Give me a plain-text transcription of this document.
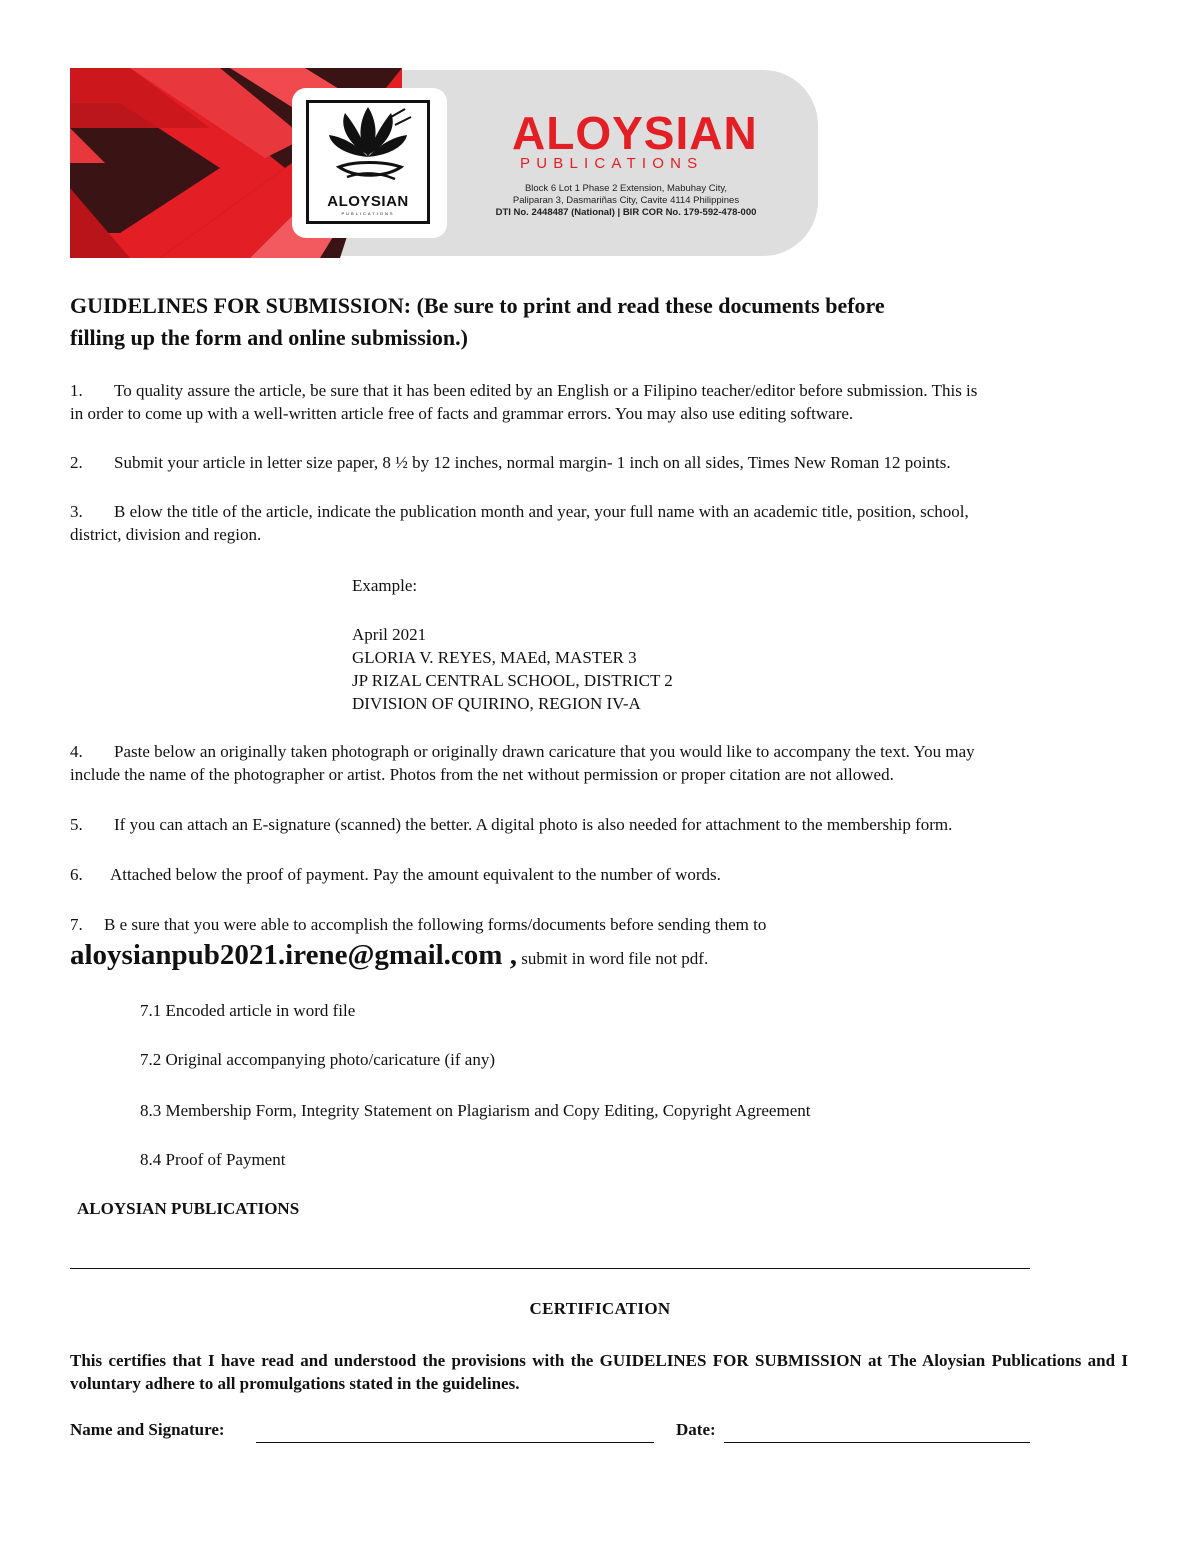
ALOYSIAN
PUBLICATIONS
ALOYSIAN
PUBLICATIONS
Block 6 Lot 1 Phase 2 Extension, Mabuhay City,
Paliparan 3, Dasmariñas City, Cavite 4114 Philippines
DTI No. 2448487 (National) | BIR COR No. 179-592-478-000
GUIDELINES FOR SUBMISSION: (Be sure to print and read these documents before
filling up the form and online submission.)
1. To quality assure the article, be sure that it has been edited by an English or a Filipino teacher/editor before submission. This is
in order to come up with a well-written article free of facts and grammar errors. You may also use editing software.
2. Submit your article in letter size paper, 8 ½ by 12 inches, normal margin- 1 inch on all sides, Times New Roman 12 points.
3. B elow the title of the article, indicate the publication month and year, your full name with an academic title, position, school,
district, division and region.
Example:
April 2021
GLORIA V. REYES, MAEd, MASTER 3
JP RIZAL CENTRAL SCHOOL, DISTRICT 2
DIVISION OF QUIRINO, REGION IV-A
4. Paste below an originally taken photograph or originally drawn caricature that you would like to accompany the text. You may
include the name of the photographer or artist. Photos from the net without permission or proper citation are not allowed.
5. If you can attach an E-signature (scanned) the better. A digital photo is also needed for attachment to the membership form.
6. Attached below the proof of payment. Pay the amount equivalent to the number of words.
7. B e sure that you were able to accomplish the following forms/documents before sending them to
aloysianpub2021.irene@gmail.com , submit in word file not pdf.
7.1 Encoded article in word file
7.2 Original accompanying photo/caricature (if any)
8.3 Membership Form, Integrity Statement on Plagiarism and Copy Editing, Copyright Agreement
8.4 Proof of Payment
ALOYSIAN PUBLICATIONS
CERTIFICATION
This certifies that I have read and understood the provisions with the GUIDELINES FOR SUBMISSION at The Aloysian Publications and I voluntary adhere to all promulgations stated in the guidelines.
Name and Signature:	Date:
